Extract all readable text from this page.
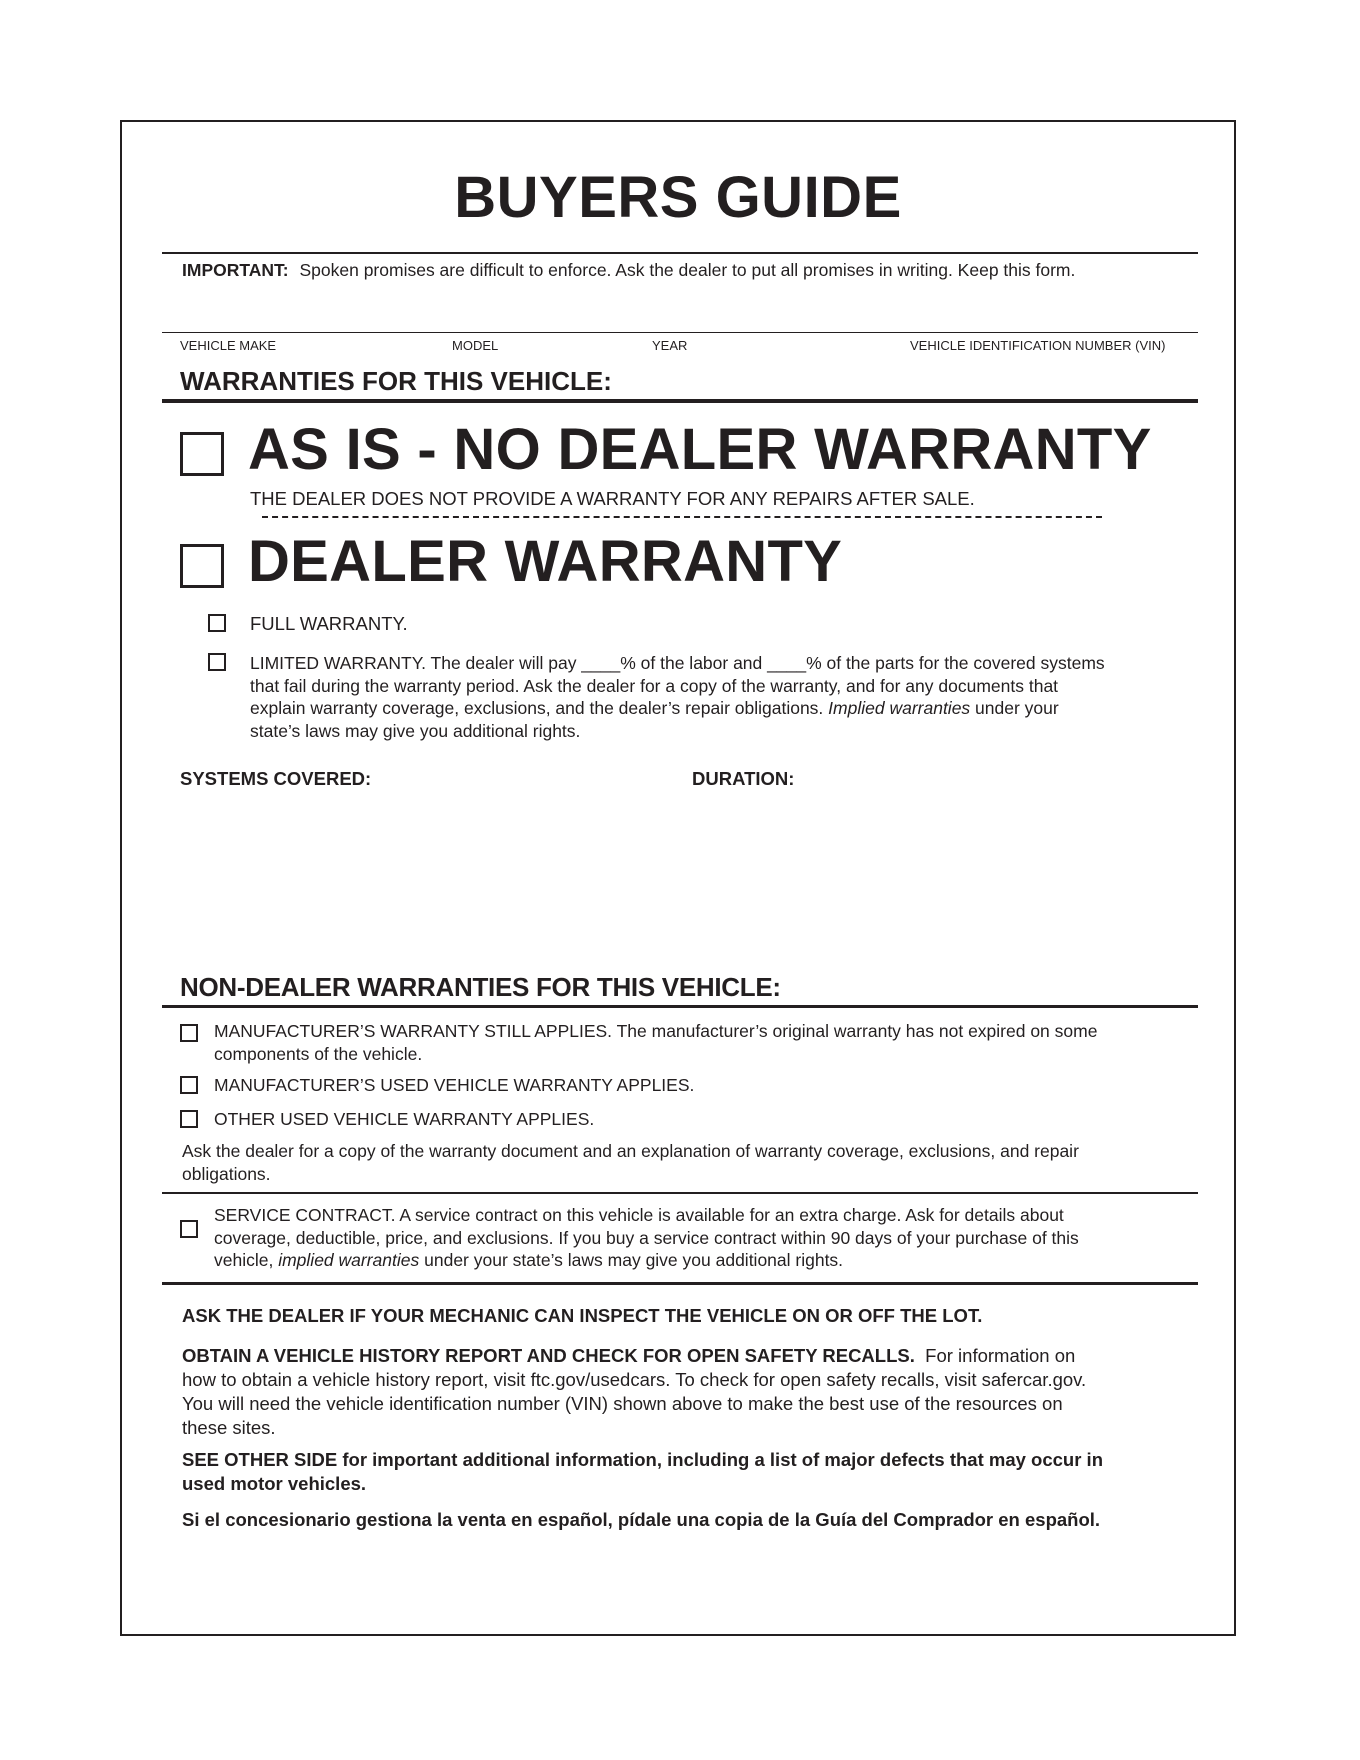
BUYERS GUIDE
IMPORTANT: Spoken promises are difficult to enforce. Ask the dealer to put all promises in writing. Keep this form.
VEHICLE MAKE	MODEL	YEAR	VEHICLE IDENTIFICATION NUMBER (VIN)
WARRANTIES FOR THIS VEHICLE:
AS IS - NO DEALER WARRANTY
THE DEALER DOES NOT PROVIDE A WARRANTY FOR ANY REPAIRS AFTER SALE.
DEALER WARRANTY
FULL WARRANTY.
LIMITED WARRANTY. The dealer will pay ____% of the labor and ____% of the parts for the covered systems
that fail during the warranty period. Ask the dealer for a copy of the warranty, and for any documents that
explain warranty coverage, exclusions, and the dealer’s repair obligations. Implied warranties under your
state’s laws may give you additional rights.
SYSTEMS COVERED:	DURATION:
NON-DEALER WARRANTIES FOR THIS VEHICLE:
MANUFACTURER’S WARRANTY STILL APPLIES. The manufacturer’s original warranty has not expired on some
components of the vehicle.
MANUFACTURER’S USED VEHICLE WARRANTY APPLIES.
OTHER USED VEHICLE WARRANTY APPLIES.
Ask the dealer for a copy of the warranty document and an explanation of warranty coverage, exclusions, and repair
obligations.
SERVICE CONTRACT. A service contract on this vehicle is available for an extra charge. Ask for details about
coverage, deductible, price, and exclusions. If you buy a service contract within 90 days of your purchase of this
vehicle, implied warranties under your state’s laws may give you additional rights.
ASK THE DEALER IF YOUR MECHANIC CAN INSPECT THE VEHICLE ON OR OFF THE LOT.
OBTAIN A VEHICLE HISTORY REPORT AND CHECK FOR OPEN SAFETY RECALLS. For information on
how to obtain a vehicle history report, visit ftc.gov/usedcars. To check for open safety recalls, visit safercar.gov.
You will need the vehicle identification number (VIN) shown above to make the best use of the resources on
these sites.
SEE OTHER SIDE for important additional information, including a list of major defects that may occur in
used motor vehicles.
Si el concesionario gestiona la venta en español, pídale una copia de la Guía del Comprador en español.
